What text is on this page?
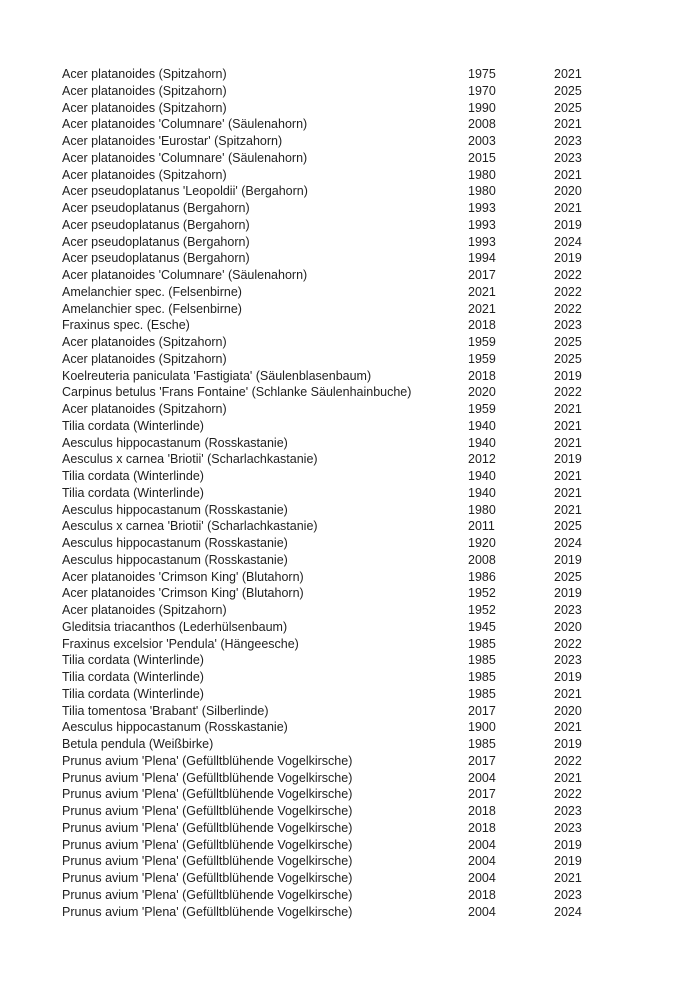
Acer platanoides (Spitzahorn)	1975	2021
Acer platanoides (Spitzahorn)	1970	2025
Acer platanoides (Spitzahorn)	1990	2025
Acer platanoides 'Columnare' (Säulenahorn)	2008	2021
Acer platanoides 'Eurostar' (Spitzahorn)	2003	2023
Acer platanoides 'Columnare' (Säulenahorn)	2015	2023
Acer platanoides (Spitzahorn)	1980	2021
Acer pseudoplatanus 'Leopoldii' (Bergahorn)	1980	2020
Acer pseudoplatanus (Bergahorn)	1993	2021
Acer pseudoplatanus (Bergahorn)	1993	2019
Acer pseudoplatanus (Bergahorn)	1993	2024
Acer pseudoplatanus (Bergahorn)	1994	2019
Acer platanoides 'Columnare' (Säulenahorn)	2017	2022
Amelanchier spec. (Felsenbirne)	2021	2022
Amelanchier spec. (Felsenbirne)	2021	2022
Fraxinus spec. (Esche)	2018	2023
Acer platanoides (Spitzahorn)	1959	2025
Acer platanoides (Spitzahorn)	1959	2025
Koelreuteria paniculata 'Fastigiata' (Säulenblasenbaum)	2018	2019
Carpinus betulus 'Frans Fontaine' (Schlanke Säulenhainbuche)	2020	2022
Acer platanoides (Spitzahorn)	1959	2021
Tilia cordata (Winterlinde)	1940	2021
Aesculus hippocastanum (Rosskastanie)	1940	2021
Aesculus x carnea 'Briotii' (Scharlachkastanie)	2012	2019
Tilia cordata (Winterlinde)	1940	2021
Tilia cordata (Winterlinde)	1940	2021
Aesculus hippocastanum (Rosskastanie)	1980	2021
Aesculus x carnea 'Briotii' (Scharlachkastanie)	2011	2025
Aesculus hippocastanum (Rosskastanie)	1920	2024
Aesculus hippocastanum (Rosskastanie)	2008	2019
Acer platanoides 'Crimson King' (Blutahorn)	1986	2025
Acer platanoides 'Crimson King' (Blutahorn)	1952	2019
Acer platanoides (Spitzahorn)	1952	2023
Gleditsia triacanthos (Lederhülsenbaum)	1945	2020
Fraxinus excelsior 'Pendula' (Hängeesche)	1985	2022
Tilia cordata (Winterlinde)	1985	2023
Tilia cordata (Winterlinde)	1985	2019
Tilia cordata (Winterlinde)	1985	2021
Tilia tomentosa 'Brabant' (Silberlinde)	2017	2020
Aesculus hippocastanum (Rosskastanie)	1900	2021
Betula pendula (Weißbirke)	1985	2019
Prunus avium 'Plena' (Gefülltblühende Vogelkirsche)	2017	2022
Prunus avium 'Plena' (Gefülltblühende Vogelkirsche)	2004	2021
Prunus avium 'Plena' (Gefülltblühende Vogelkirsche)	2017	2022
Prunus avium 'Plena' (Gefülltblühende Vogelkirsche)	2018	2023
Prunus avium 'Plena' (Gefülltblühende Vogelkirsche)	2018	2023
Prunus avium 'Plena' (Gefülltblühende Vogelkirsche)	2004	2019
Prunus avium 'Plena' (Gefülltblühende Vogelkirsche)	2004	2019
Prunus avium 'Plena' (Gefülltblühende Vogelkirsche)	2004	2021
Prunus avium 'Plena' (Gefülltblühende Vogelkirsche)	2018	2023
Prunus avium 'Plena' (Gefülltblühende Vogelkirsche)	2004	2024
